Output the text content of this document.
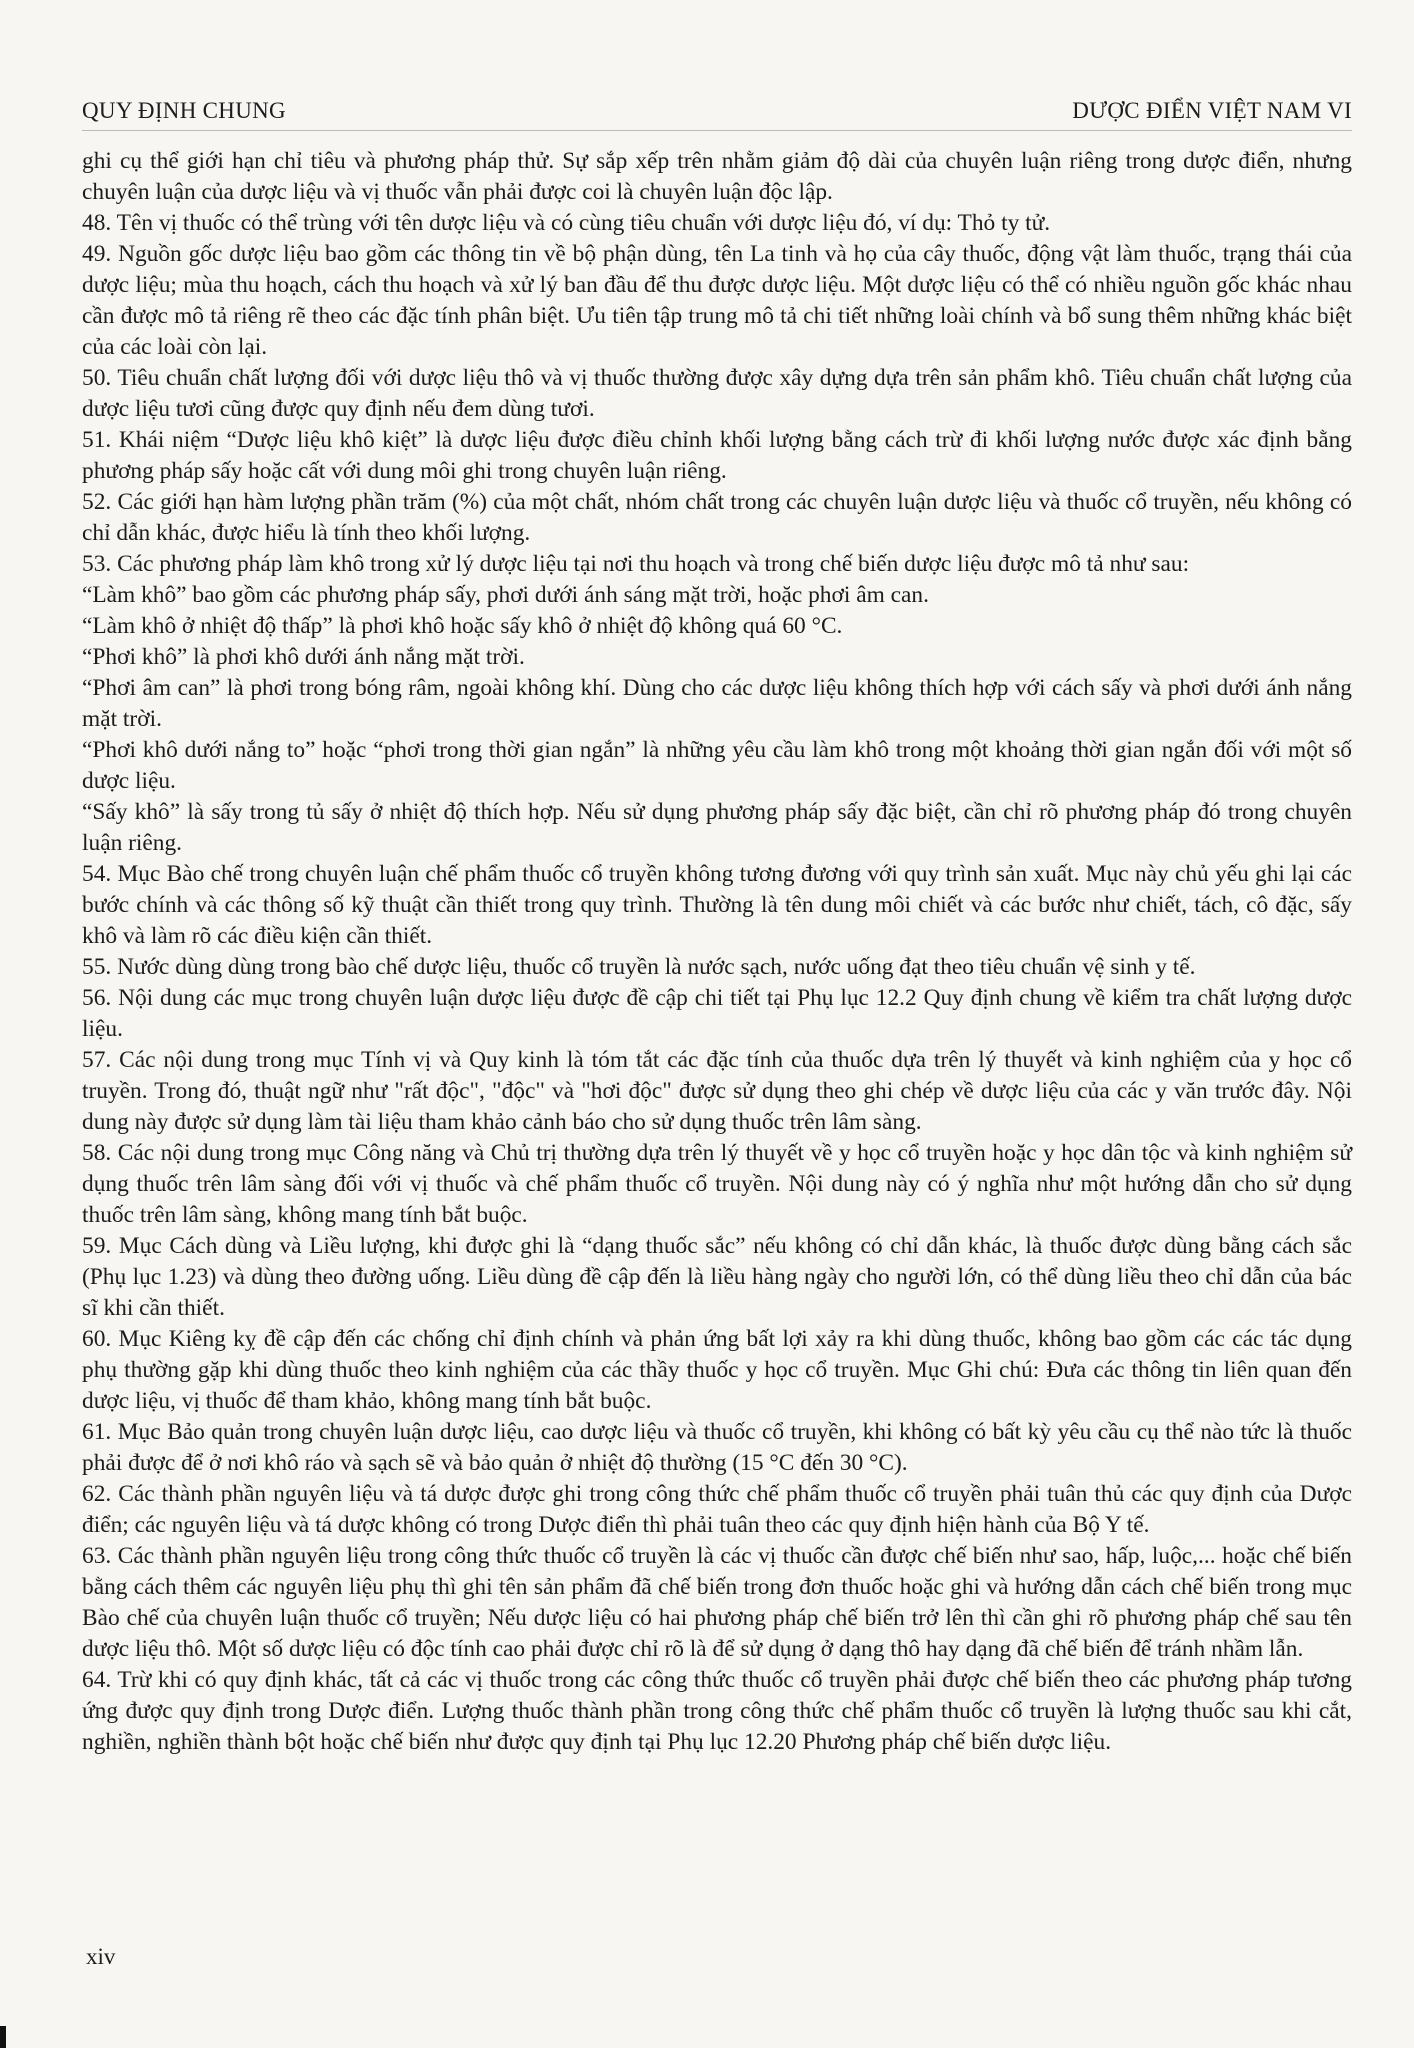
QUY ĐỊNH CHUNG	DƯỢC ĐIỂN VIỆT NAM VI

ghi cụ thể giới hạn chỉ tiêu và phương pháp thử. Sự sắp xếp trên nhằm giảm độ dài của chuyên luận riêng trong dược điển, nhưng chuyên luận của dược liệu và vị thuốc vẫn phải được coi là chuyên luận độc lập.

48. Tên vị thuốc có thể trùng với tên dược liệu và có cùng tiêu chuẩn với dược liệu đó, ví dụ: Thỏ ty tử.

49. Nguồn gốc dược liệu bao gồm các thông tin về bộ phận dùng, tên La tinh và họ của cây thuốc, động vật làm thuốc, trạng thái của dược liệu; mùa thu hoạch, cách thu hoạch và xử lý ban đầu để thu được dược liệu. Một dược liệu có thể có nhiều nguồn gốc khác nhau cần được mô tả riêng rẽ theo các đặc tính phân biệt. Ưu tiên tập trung mô tả chi tiết những loài chính và bổ sung thêm những khác biệt của các loài còn lại.

50. Tiêu chuẩn chất lượng đối với dược liệu thô và vị thuốc thường được xây dựng dựa trên sản phẩm khô. Tiêu chuẩn chất lượng của dược liệu tươi cũng được quy định nếu đem dùng tươi.

51. Khái niệm “Dược liệu khô kiệt” là dược liệu được điều chỉnh khối lượng bằng cách trừ đi khối lượng nước được xác định bằng phương pháp sấy hoặc cất với dung môi ghi trong chuyên luận riêng.

52. Các giới hạn hàm lượng phần trăm (%) của một chất, nhóm chất trong các chuyên luận dược liệu và thuốc cổ truyền, nếu không có chỉ dẫn khác, được hiểu là tính theo khối lượng.

53. Các phương pháp làm khô trong xử lý dược liệu tại nơi thu hoạch và trong chế biến dược liệu được mô tả như sau:

“Làm khô” bao gồm các phương pháp sấy, phơi dưới ánh sáng mặt trời, hoặc phơi âm can.

“Làm khô ở nhiệt độ thấp” là phơi khô hoặc sấy khô ở nhiệt độ không quá 60 °C.

“Phơi khô” là phơi khô dưới ánh nắng mặt trời.

“Phơi âm can” là phơi trong bóng râm, ngoài không khí. Dùng cho các dược liệu không thích hợp với cách sấy và phơi dưới ánh nắng mặt trời.

“Phơi khô dưới nắng to” hoặc “phơi trong thời gian ngắn” là những yêu cầu làm khô trong một khoảng thời gian ngắn đối với một số dược liệu.

“Sấy khô” là sấy trong tủ sấy ở nhiệt độ thích hợp. Nếu sử dụng phương pháp sấy đặc biệt, cần chỉ rõ phương pháp đó trong chuyên luận riêng.

54. Mục Bào chế trong chuyên luận chế phẩm thuốc cổ truyền không tương đương với quy trình sản xuất. Mục này chủ yếu ghi lại các bước chính và các thông số kỹ thuật cần thiết trong quy trình. Thường là tên dung môi chiết và các bước như chiết, tách, cô đặc, sấy khô và làm rõ các điều kiện cần thiết.

55. Nước dùng dùng trong bào chế dược liệu, thuốc cổ truyền là nước sạch, nước uống đạt theo tiêu chuẩn vệ sinh y tế.

56. Nội dung các mục trong chuyên luận dược liệu được đề cập chi tiết tại Phụ lục 12.2 Quy định chung về kiểm tra chất lượng dược liệu.

57. Các nội dung trong mục Tính vị và Quy kinh là tóm tắt các đặc tính của thuốc dựa trên lý thuyết và kinh nghiệm của y học cổ truyền. Trong đó, thuật ngữ như "rất độc", "độc" và "hơi độc" được sử dụng theo ghi chép về dược liệu của các y văn trước đây. Nội dung này được sử dụng làm tài liệu tham khảo cảnh báo cho sử dụng thuốc trên lâm sàng.

58. Các nội dung trong mục Công năng và Chủ trị thường dựa trên lý thuyết về y học cổ truyền hoặc y học dân tộc và kinh nghiệm sử dụng thuốc trên lâm sàng đối với vị thuốc và chế phẩm thuốc cổ truyền. Nội dung này có ý nghĩa như một hướng dẫn cho sử dụng thuốc trên lâm sàng, không mang tính bắt buộc.

59. Mục Cách dùng và Liều lượng, khi được ghi là “dạng thuốc sắc” nếu không có chỉ dẫn khác, là thuốc được dùng bằng cách sắc (Phụ lục 1.23) và dùng theo đường uống. Liều dùng đề cập đến là liều hàng ngày cho người lớn, có thể dùng liều theo chỉ dẫn của bác sĩ khi cần thiết.

60. Mục Kiêng kỵ đề cập đến các chống chỉ định chính và phản ứng bất lợi xảy ra khi dùng thuốc, không bao gồm các các tác dụng phụ thường gặp khi dùng thuốc theo kinh nghiệm của các thầy thuốc y học cổ truyền. Mục Ghi chú: Đưa các thông tin liên quan đến dược liệu, vị thuốc để tham khảo, không mang tính bắt buộc.

61. Mục Bảo quản trong chuyên luận dược liệu, cao dược liệu và thuốc cổ truyền, khi không có bất kỳ yêu cầu cụ thể nào tức là thuốc phải được để ở nơi khô ráo và sạch sẽ và bảo quản ở nhiệt độ thường (15 °C đến 30 °C).

62. Các thành phần nguyên liệu và tá dược được ghi trong công thức chế phẩm thuốc cổ truyền phải tuân thủ các quy định của Dược điển; các nguyên liệu và tá dược không có trong Dược điển thì phải tuân theo các quy định hiện hành của Bộ Y tế.

63. Các thành phần nguyên liệu trong công thức thuốc cổ truyền là các vị thuốc cần được chế biến như sao, hấp, luộc,... hoặc chế biến bằng cách thêm các nguyên liệu phụ thì ghi tên sản phẩm đã chế biến trong đơn thuốc hoặc ghi và hướng dẫn cách chế biến trong mục Bào chế của chuyên luận thuốc cổ truyền; Nếu dược liệu có hai phương pháp chế biến trở lên thì cần ghi rõ phương pháp chế sau tên dược liệu thô. Một số dược liệu có độc tính cao phải được chỉ rõ là để sử dụng ở dạng thô hay dạng đã chế biến để tránh nhầm lẫn.

64. Trừ khi có quy định khác, tất cả các vị thuốc trong các công thức thuốc cổ truyền phải được chế biến theo các phương pháp tương ứng được quy định trong Dược điển. Lượng thuốc thành phần trong công thức chế phẩm thuốc cổ truyền là lượng thuốc sau khi cắt, nghiền, nghiền thành bột hoặc chế biến như được quy định tại Phụ lục 12.20 Phương pháp chế biến dược liệu.

xiv
